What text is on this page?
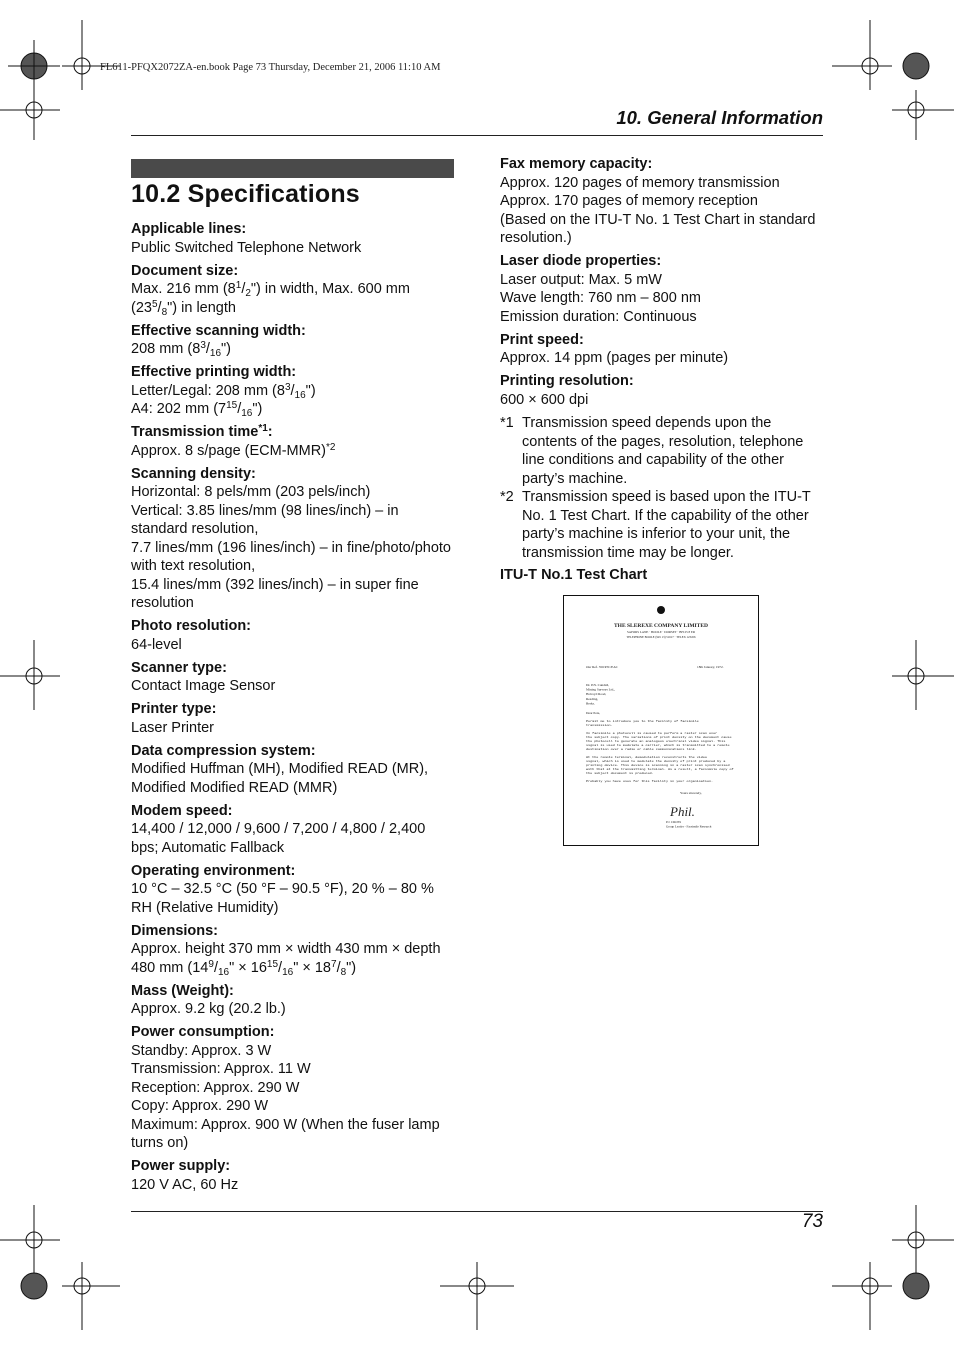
FL611-PFQX2072ZA-en.book Page 73 Thursday, December 21, 2006 11:10 AM
10. General Information
10.2 Specifications
Applicable lines:
Public Switched Telephone Network
Document size:
Max. 216 mm $(8^1/_2")$ in width, Max. 600 mm $(23^5/_8")$ in length
Effective scanning width:
208 mm $(8^3/_{16}")$
Effective printing width:
Letter/Legal: 208 mm $(8^3/_{16}")$
A4: 202 mm $(7^{15}/_{16}")$
Transmission time$^{*1}$:
Approx. 8 s/page $(ECM-MMR)^{*2}$
Scanning density:
Horizontal: 8 pels/mm (203 pels/inch)
Vertical: 3.85 lines/mm (98 lines/inch) – in standard resolution,
7.7 lines/mm (196 lines/inch) – in fine/photo/photo with text resolution,
15.4 lines/mm (392 lines/inch) – in super fine resolution
Photo resolution:
64-level
Scanner type:
Contact Image Sensor
Printer type:
Laser Printer
Data compression system:
Modified Huffman (MH), Modified READ (MR), Modified Modified READ (MMR)
Modem speed:
14,400 / 12,000 / 9,600 / 7,200 / 4,800 / 2,400 bps; Automatic Fallback
Operating environment:
10 °C – 32.5 °C (50 °F – 90.5 °F), 20 % – 80 % RH (Relative Humidity)
Dimensions:
Approx. height 370 mm × width 430 mm × depth 480 mm ($14^9/_{16}$" × $16^{15}/_{16}$" × $18^7/_8$")
Mass (Weight):
Approx. 9.2 kg (20.2 lb.)
Power consumption:
Standby: Approx. 3 W
Transmission: Approx. 11 W
Reception: Approx. 290 W
Copy: Approx. 290 W
Maximum: Approx. 900 W (When the fuser lamp turns on)
Power supply:
120 V AC, 60 Hz
Fax memory capacity:
Approx. 120 pages of memory transmission
Approx. 170 pages of memory reception
(Based on the ITU-T No. 1 Test Chart in standard resolution.)
Laser diode properties:
Laser output: Max. 5 mW
Wave length: 760 nm – 800 nm
Emission duration: Continuous
Print speed:
Approx. 14 ppm (pages per minute)
Printing resolution:
600 × 600 dpi
*1 Transmission speed depends upon the contents of the pages, resolution, telephone line conditions and capability of the other party’s machine.
*2 Transmission speed is based upon the ITU-T No. 1 Test Chart. If the capability of the other party’s machine is inferior to your unit, the transmission time may be longer.
ITU-T No.1 Test Chart
THE SLEREXE COMPANY LIMITED
SAPORS LANE · BOOLE · DORSET · BH 25 8 ER
TELEPHONE BOOLE (945 13) 51617 · TELEX 123456
Our Ref. 350/PJC/EAC	18th January, 1972.
Dr. P.N. Cundall,
Mining Surveys Ltd.,
Holroyd Road,
Reading,
Berks.
Dear Pete,
Permit me to introduce you to the facility of facsimile
transmission.
In facsimile a photocell is caused to perform a raster scan over
the subject copy. The variations of print density on the document cause
the photocell to generate an analogous electrical video signal. This
signal is used to modulate a carrier, which is transmitted to a remote
destination over a radio or cable communications link.
At the remote terminal, demodulation reconstructs the video
signal, which is used to modulate the density of print produced by a
printing device. This device is scanning in a raster scan synchronised
with that at the transmitting terminal. As a result, a facsimile copy of
the subject document is produced.
Probably you have uses for this facility in your organisation.
Yours sincerely,
Phil.
P.J. CROSS
Group Leader - Facsimile Research
73
